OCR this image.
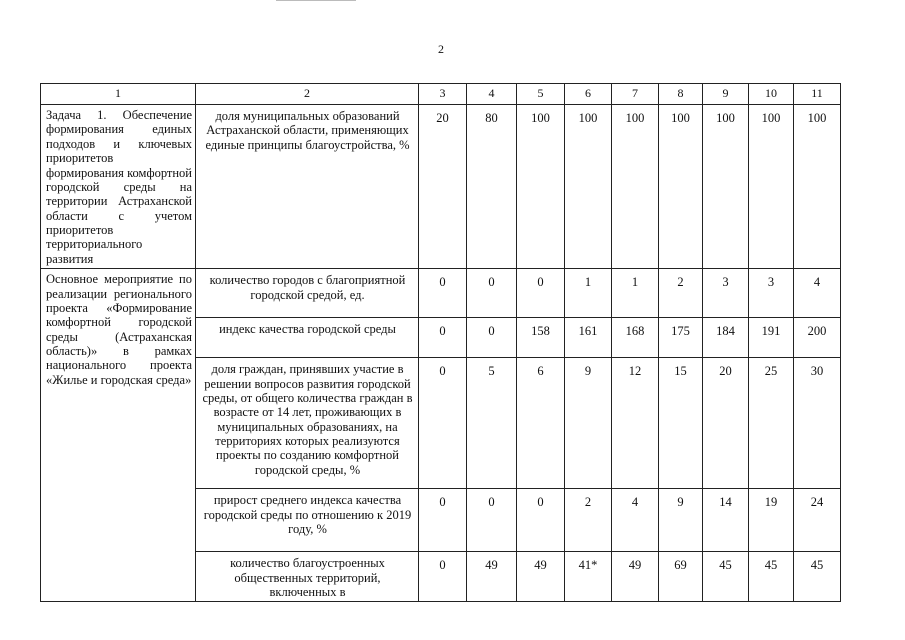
2
1	2	3	4	5	6	7	8	9	10	11
Задача 1. Обеспечение формирования единых подходов и ключевых приоритетов формирования комфортной городской среды на территории Астраханской области с учетом приоритетов территориального развития	доля муниципальных образований Астраханской области, применяющих единые принципы благоустройства, %	20	80	100	100	100	100	100	100	100
Основное мероприятие по реализации регионального проекта «Формирование комфортной городской среды (Астраханская область)» в рамках национального проекта «Жилье и городская среда»	количество городов с благоприятной городской средой, ед.	0	0	0	1	1	2	3	3	4
	индекс качества городской среды	0	0	158	161	168	175	184	191	200
	доля граждан, принявших участие в решении вопросов развития городской среды, от общего количества граждан в возрасте от 14 лет, проживающих в муниципальных образованиях, на территориях которых реализуются проекты по созданию комфортной городской среды, %	0	5	6	9	12	15	20	25	30
	прирост среднего индекса качества городской среды по отношению к 2019 году, %	0	0	0	2	4	9	14	19	24
	количество благоустроенных общественных территорий, включенных в	0	49	49	41*	49	69	45	45	45
